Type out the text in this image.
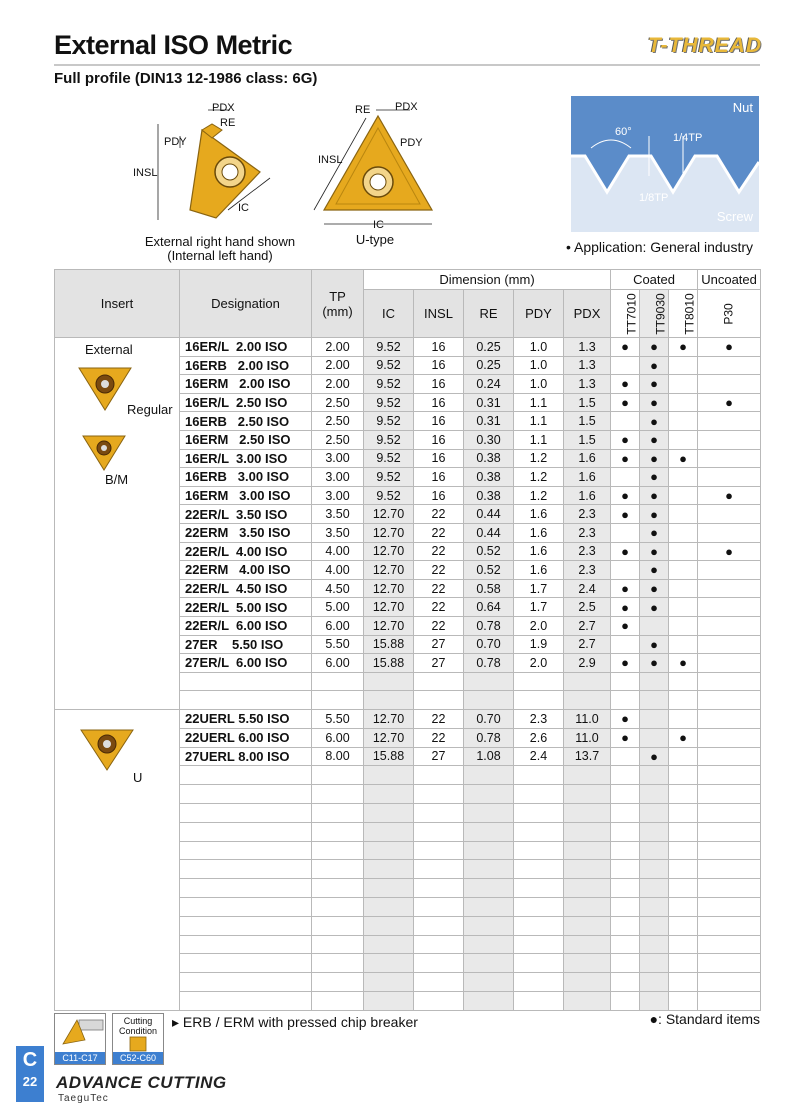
External ISO Metric	T-THREAD
Full profile (DIN13 12-1986 class: 6G)
PDX
RE
PDY
INSL
IC
External right hand shown
(Internal left hand)
RE PDX
PDY
INSL
IC
U-type
Nut
Screw
60°	1/4TP
1/8TP
• Application: General industry
Insert	Designation	TP
(mm)	Dimension (mm)					Coated			Uncoated
			IC	INSL	RE	PDY	PDX	TT7010	TT9030	TT8010	P30

External
Regular
B/M	16ER/L  2.00 ISO	2.00	9.52	16	0.25	1.0	1.3	●	●	●	●
	16ERB   2.00 ISO	2.00	9.52	16	0.25	1.0	1.3		●		
	16ERM   2.00 ISO	2.00	9.52	16	0.24	1.0	1.3	●	●		
	16ER/L  2.50 ISO	2.50	9.52	16	0.31	1.1	1.5	●	●		●
	16ERB   2.50 ISO	2.50	9.52	16	0.31	1.1	1.5		●		
	16ERM   2.50 ISO	2.50	9.52	16	0.30	1.1	1.5	●	●		
	16ER/L  3.00 ISO	3.00	9.52	16	0.38	1.2	1.6	●	●	●	
	16ERB   3.00 ISO	3.00	9.52	16	0.38	1.2	1.6		●		
	16ERM   3.00 ISO	3.00	9.52	16	0.38	1.2	1.6	●	●		●
	22ER/L  3.50 ISO	3.50	12.70	22	0.44	1.6	2.3	●	●		
	22ERM   3.50 ISO	3.50	12.70	22	0.44	1.6	2.3		●		
	22ER/L  4.00 ISO	4.00	12.70	22	0.52	1.6	2.3	●	●		●
	22ERM   4.00 ISO	4.00	12.70	22	0.52	1.6	2.3		●		
	22ER/L  4.50 ISO	4.50	12.70	22	0.58	1.7	2.4	●	●		
	22ER/L  5.00 ISO	5.00	12.70	22	0.64	1.7	2.5	●	●		
	22ER/L  6.00 ISO	6.00	12.70	22	0.78	2.0	2.7	●			
	27ER    5.50 ISO	5.50	15.88	27	0.70	1.9	2.7		●		
	27ER/L  6.00 ISO	6.00	15.88	27	0.78	2.0	2.9	●	●	●	

U	22UERL 5.50 ISO	5.50	12.70	22	0.70	2.3	11.0	●			
	22UERL 6.00 ISO	6.00	12.70	22	0.78	2.6	11.0	●		●	
	27UERL 8.00 ISO	8.00	15.88	27	1.08	2.4	13.7		●		

C11-C17
Cutting Condition
C52-C60
▸ ERB / ERM with pressed chip breaker	●: Standard items
C
22	ADVANCE CUTTING
TaeguTec
